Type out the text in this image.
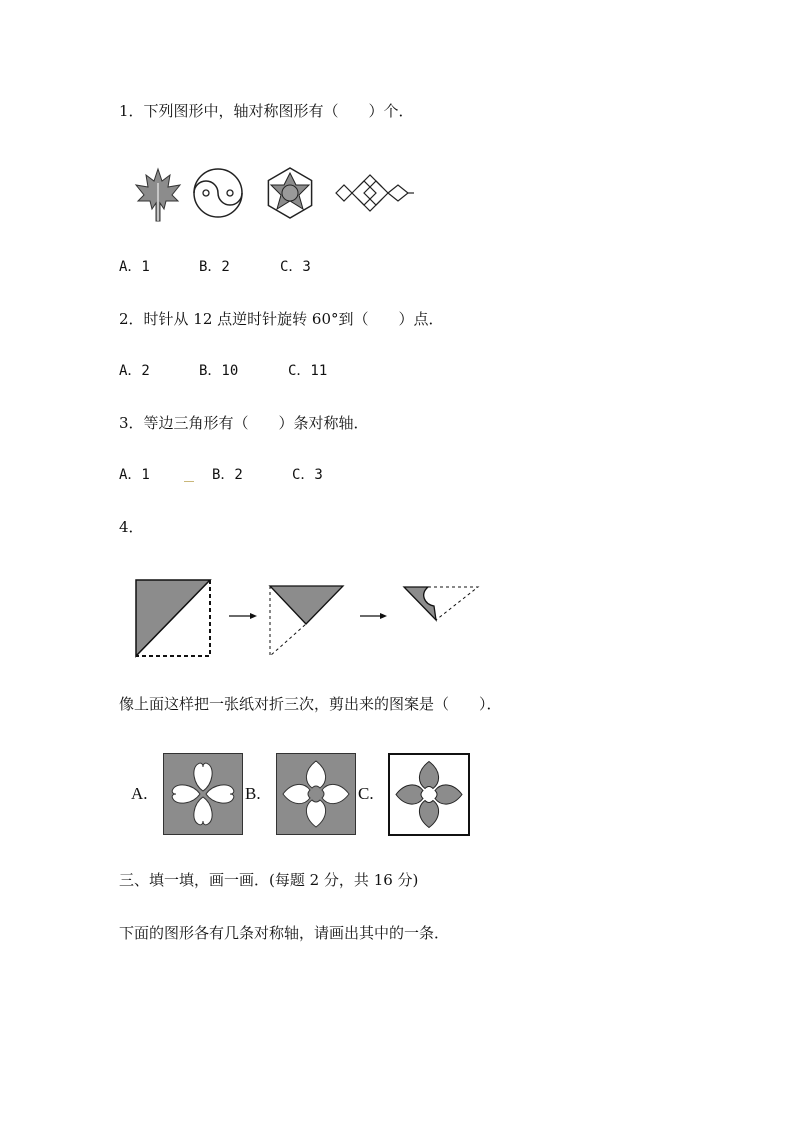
1．下列图形中，轴对称图形有（　　）个．
A．1	B．2	C．3
2．时针从 12 点逆时针旋转 60°到（　　）点．
A．2	B．10	C．11
3．等边三角形有（　　）条对称轴．
A．1	B．2	C．3
4．
像上面这样把一张纸对折三次，剪出来的图案是（　　）．
A.	B.	C.
三、填一填，画一画．(每题 2 分，共 16 分)
下面的图形各有几条对称轴，请画出其中的一条．
